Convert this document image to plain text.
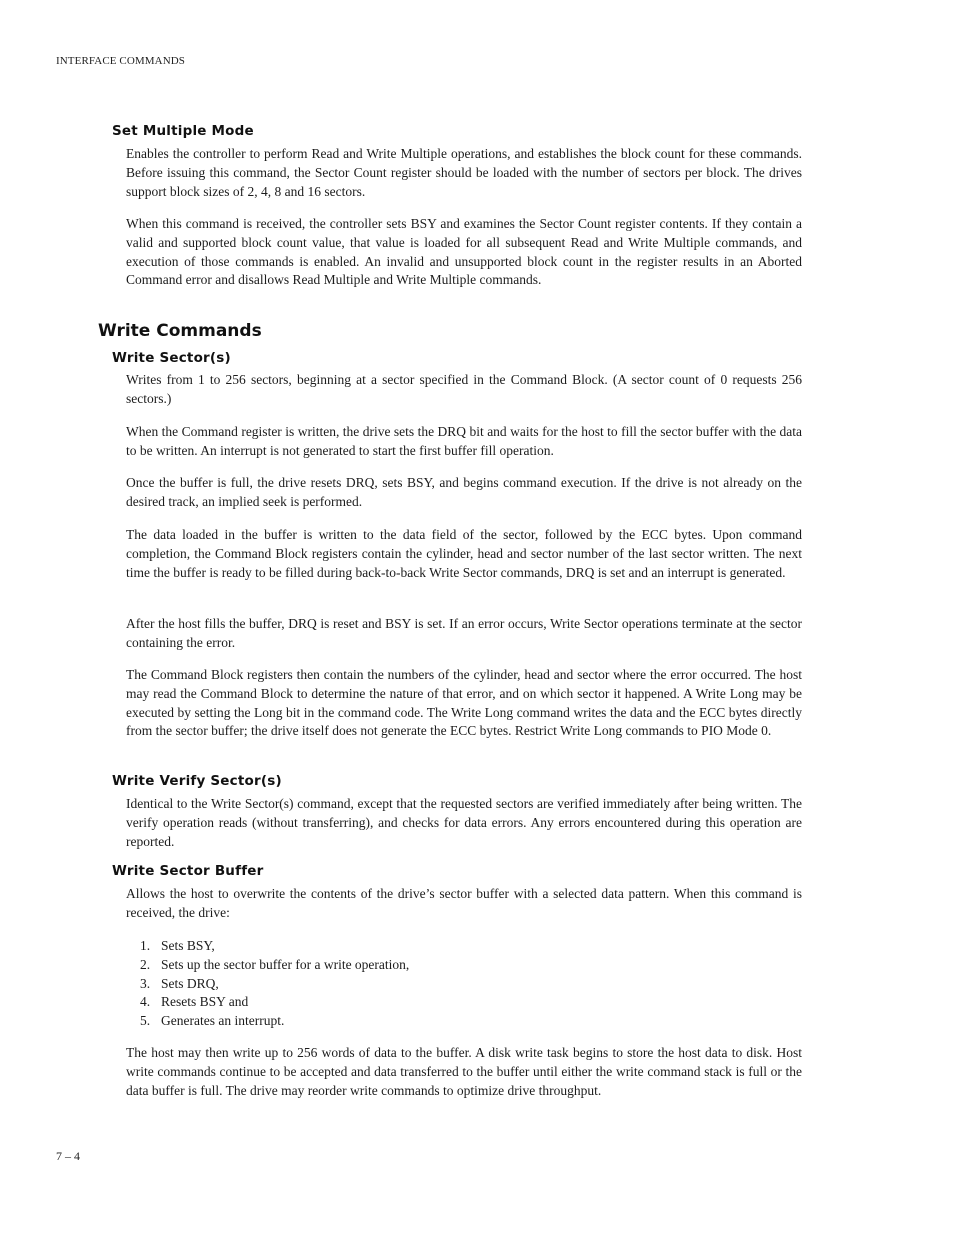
INTERFACE COMMANDS
Set Multiple Mode

Enables the controller to perform Read and Write Multiple operations, and establishes the block count for these commands. Before issuing this command, the Sector Count register should be loaded with the number of sectors per block. The drives support block sizes of 2, 4, 8 and 16 sectors.

When this command is received, the controller sets BSY and examines the Sector Count register contents. If they contain a valid and supported block count value, that value is loaded for all subsequent Read and Write Multiple commands, and execution of those commands is enabled. An invalid and unsupported block count in the register results in an Aborted Command error and disallows Read Multiple and Write Multiple commands.

Write Commands
Write Sector(s)

Writes from 1 to 256 sectors, beginning at a sector specified in the Command Block. (A sector count of 0 requests 256 sectors.)

When the Command register is written, the drive sets the DRQ bit and waits for the host to fill the sector buffer with the data to be written. An interrupt is not generated to start the first buffer fill operation.

Once the buffer is full, the drive resets DRQ, sets BSY, and begins command execution. If the drive is not already on the desired track, an implied seek is performed.

The data loaded in the buffer is written to the data field of the sector, followed by the ECC bytes. Upon command completion, the Command Block registers contain the cylinder, head and sector number of the last sector written. The next time the buffer is ready to be filled during back-to-back Write Sector commands, DRQ is set and an interrupt is generated.

After the host fills the buffer, DRQ is reset and BSY is set. If an error occurs, Write Sector operations terminate at the sector containing the error.

The Command Block registers then contain the numbers of the cylinder, head and sector where the error occurred. The host may read the Command Block to determine the nature of that error, and on which sector it happened. A Write Long may be executed by setting the Long bit in the command code. The Write Long command writes the data and the ECC bytes directly from the sector buffer; the drive itself does not generate the ECC bytes. Restrict Write Long commands to PIO Mode 0.

Write Verify Sector(s)

Identical to the Write Sector(s) command, except that the requested sectors are verified immediately after being written. The verify operation reads (without transferring), and checks for data errors. Any errors encountered during this operation are reported.

Write Sector Buffer

Allows the host to overwrite the contents of the drive’s sector buffer with a selected data pattern. When this command is received, the drive:

1. Sets BSY,
2. Sets up the sector buffer for a write operation,
3. Sets DRQ,
4. Resets BSY and
5. Generates an interrupt.

The host may then write up to 256 words of data to the buffer. A disk write task begins to store the host data to disk. Host write commands continue to be accepted and data transferred to the buffer until either the write command stack is full or the data buffer is full. The drive may reorder write commands to optimize drive throughput.

7 – 4
